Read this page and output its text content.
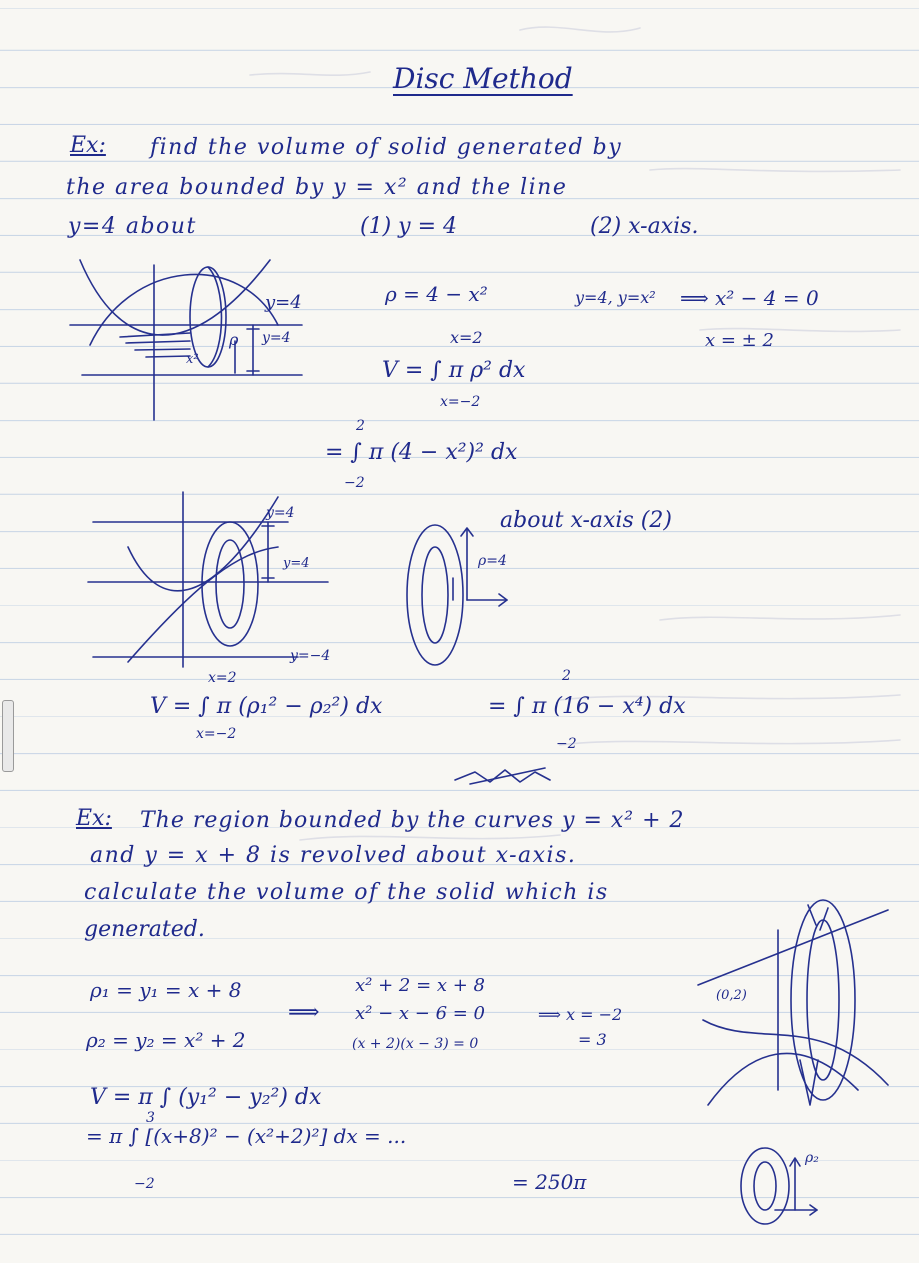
Disc Method

Ex: find the volume of solid generated by

the area bounded by y = x² and the line

y=4 about	(1) y = 4	(2) x-axis.

y=4

y=4

ρ

x²

ρ = 4 − x²	y=4, y=x² ⟹ x² − 4 = 0

x = ± 2

x=2

V = ∫ π ρ² dx

x=−2

2

= ∫ π (4 − x²)² dx

−2

y=4

y=4

y=−4

about x-axis (2)

ρ=4

x=2

V = ∫ π (ρ₁² − ρ₂²) dx

x=−2

2

= ∫ π (16 − x⁴) dx

−2

Ex: The region bounded by the curves y = x² + 2

and y = x + 8 is revolved about x-axis.

calculate the volume of the solid which is

generated.

ρ₁ = y₁ = x + 8

ρ₂ = y₂ = x² + 2

⟹

x² + 2 = x + 8

x² − x − 6 = 0

(x + 2)(x − 3) = 0

⟹ x = −2

= 3

V = π ∫ (y₁² − y₂²) dx

3

= π ∫ [(x+8)² − (x²+2)²] dx = ...

−2	= 250π

(0,2)

ρ₂
